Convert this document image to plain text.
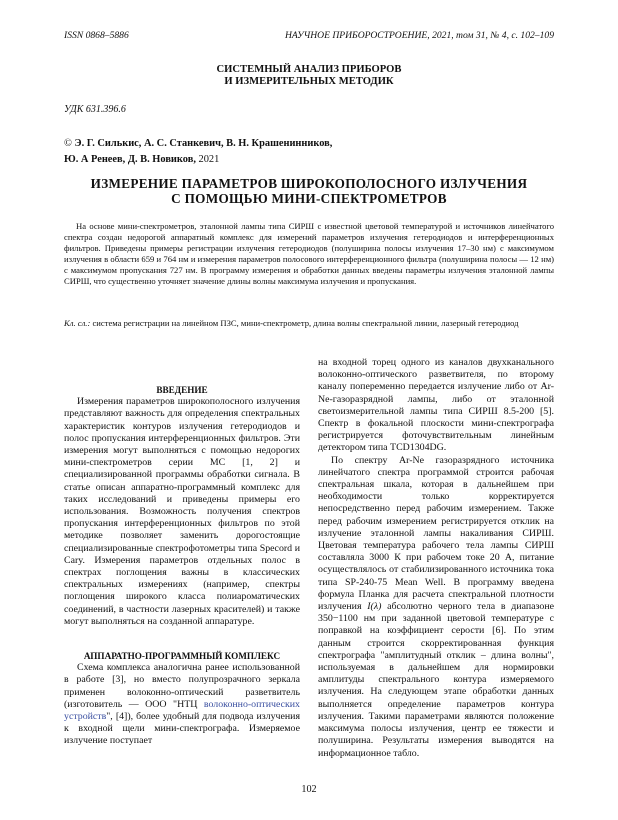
ISSN 0868–5886	НАУЧНОЕ ПРИБОРОСТРОЕНИЕ, 2021, том 31, № 4, с. 102–109
СИСТЕМНЫЙ АНАЛИЗ ПРИБОРОВ
И ИЗМЕРИТЕЛЬНЫХ МЕТОДИК
УДК 631.396.6
© Э. Г. Силькис, А. С. Станкевич, В. Н. Крашенинников,
Ю. А Ренеев, Д. В. Новиков, 2021
ИЗМЕРЕНИЕ ПАРАМЕТРОВ ШИРОКОПОЛОСНОГО ИЗЛУЧЕНИЯ
С ПОМОЩЬЮ МИНИ-СПЕКТРОМЕТРОВ
На основе мини-спектрометров, эталонной лампы типа СИРШ с известной цветовой температурой и источников линейчатого спектра создан недорогой аппаратный комплекс для измерений параметров излучения гетеродиодов и интерференционных фильтров. Приведены примеры регистрации излучения гетеродиодов (полуширина полосы излучения 17–30 нм) с максимумом излучения в области 659 и 764 нм и измерения параметров полосового интерференционного фильтра (полуширина полосы — 12 нм) с максимумом пропускания 727 нм. В программу измерения и обработки данных введены параметры излучения эталонной лампы СИРШ, что существенно уточняет значение длины волны максимума излучения и пропускания.
Кл. сл.: система регистрации на линейном ПЗС, мини-спектрометр, длина волны спектральной линии, лазерный гетеродиод

ВВЕДЕНИЕ

Измерения параметров широкополосного излучения представляют важность для определения спектральных характеристик контуров излучения гетеродиодов и полос пропускания интерференционных фильтров. Эти измерения могут выполняться с помощью недорогих мини-спектрометров серии МС [1, 2] и специализированной программы обработки сигнала. В статье описан аппаратно-программный комплекс для таких исследований и приведены примеры его использования. Возможность получения спектров пропускания интерференционных фильтров по этой методике позволяет заменить дорогостоящие специализированные спектрофотометры типа Specord и Cary. Измерения параметров отдельных полос в спектрах поглощения важны в классических спектральных измерениях (например, спектры поглощения широкого класса полиароматических соединений, в частности лазерных красителей) и также могут выполняться на созданной аппаратуре.

АППАРАТНО-ПРОГРАММНЫЙ КОМПЛЕКС

Схема комплекса аналогична ранее использованной в работе [3], но вместо полупрозрачного зеркала применен волоконно-оптический разветвитель (изготовитель — ООО "НТЦ волоконно-оптических устройств", [4]), более удобный для подвода излучения к входной щели мини-спектрографа. Измеряемое излучение поступает

на входной торец одного из каналов двухканального волоконно-оптического разветвителя, по второму каналу попеременно передается излучение либо от Ar-Ne-газоразрядной лампы, либо от эталонной светоизмерительной лампы типа СИРШ 8.5-200 [5]. Спектр в фокальной плоскости мини-спектрографа регистрируется фоточувствительным линейным детектором типа TCD1304DG.

По спектру Ar-Ne газоразрядного источника линейчатого спектра программой строится рабочая спектральная шкала, которая в дальнейшем при необходимости только корректируется непосредственно перед рабочим измерением. Также перед рабочим измерением регистрируется отклик на излучение эталонной лампы накаливания СИРШ. Цветовая температура рабочего тела лампы СИРШ составляла 3000 К при рабочем токе 20 А, питание осуществлялось от стабилизированного источника тока типа SP-240-75 Mean Well. В программу введена формула Планка для расчета спектральной плотности излучения I(λ) абсолютно черного тела в диапазоне 350−1100 нм при заданной цветовой температуре с поправкой на коэффициент серости [6]. По этим данным строится скорректированная функция спектрографа "амплитудный отклик – длина волны", используемая в дальнейшем для нормировки амплитуды спектрального контура измеряемого излучения. На следующем этапе обработки данных выполняется определение параметров контура излучения. Такими параметрами являются положение максимума полосы излучения, центр ее тяжести и полуширина. Результаты измерения выводятся на информационное табло.

102
